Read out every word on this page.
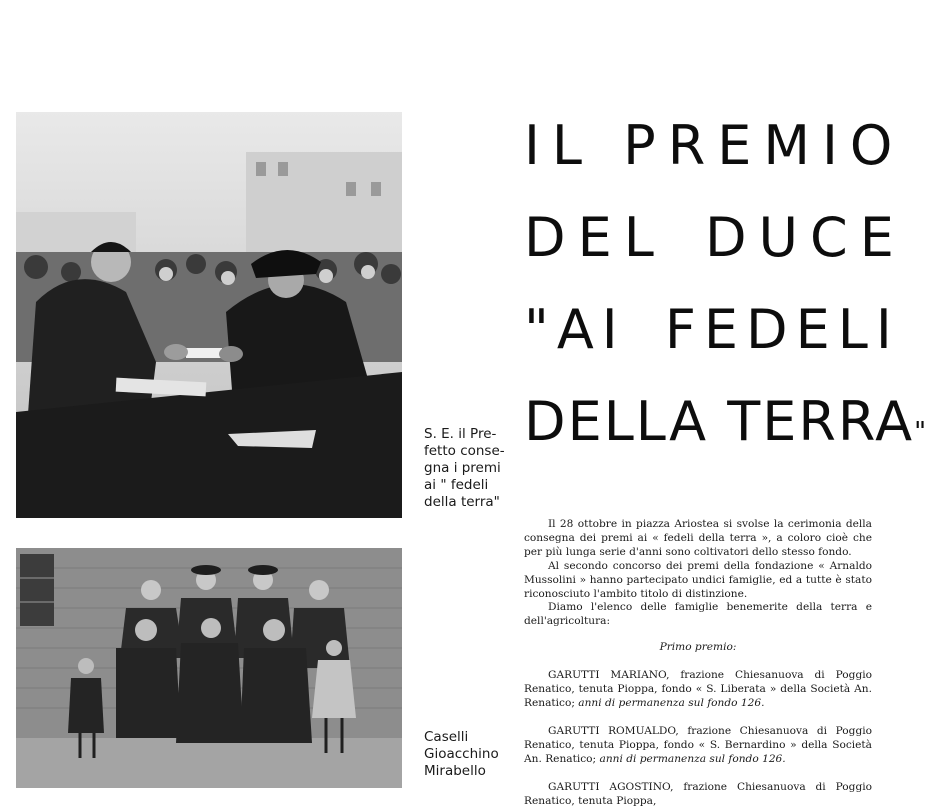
S. E. il Pre-
fetto conse-
gna i premi
ai " fedeli
della terra"
Caselli
Gioacchino
Mirabello
IL PREMIO
DEL DUCE
"AI FEDELI
DELLA TERRA"

Il 28 ottobre in piazza Ariostea si svolse la cerimonia della consegna dei premi ai « fedeli della terra », a coloro cioè che per più lunga serie d'anni sono coltivatori dello stesso fondo.

Al secondo concorso dei premi della fondazione « Arnaldo Mussolini » hanno partecipato undici famiglie, ed a tutte è stato riconosciuto l'ambito titolo di distinzione.

Diamo l'elenco delle famiglie benemerite della terra e dell'agricoltura:

Primo premio:

GARUTTI MARIANO, frazione Chiesanuova di Poggio Renatico, tenuta Pioppa, fondo « S. Liberata » della Società An. Renatico; anni di permanenza sul fondo 126.

GARUTTI ROMUALDO, frazione Chiesanuova di Poggio Renatico, tenuta Pioppa, fondo « S. Bernardino » della Società An. Renatico; anni di permanenza sul fondo 126.

GARUTTI AGOSTINO, frazione Chiesanuova di Poggio Renatico, tenuta Pioppa,
